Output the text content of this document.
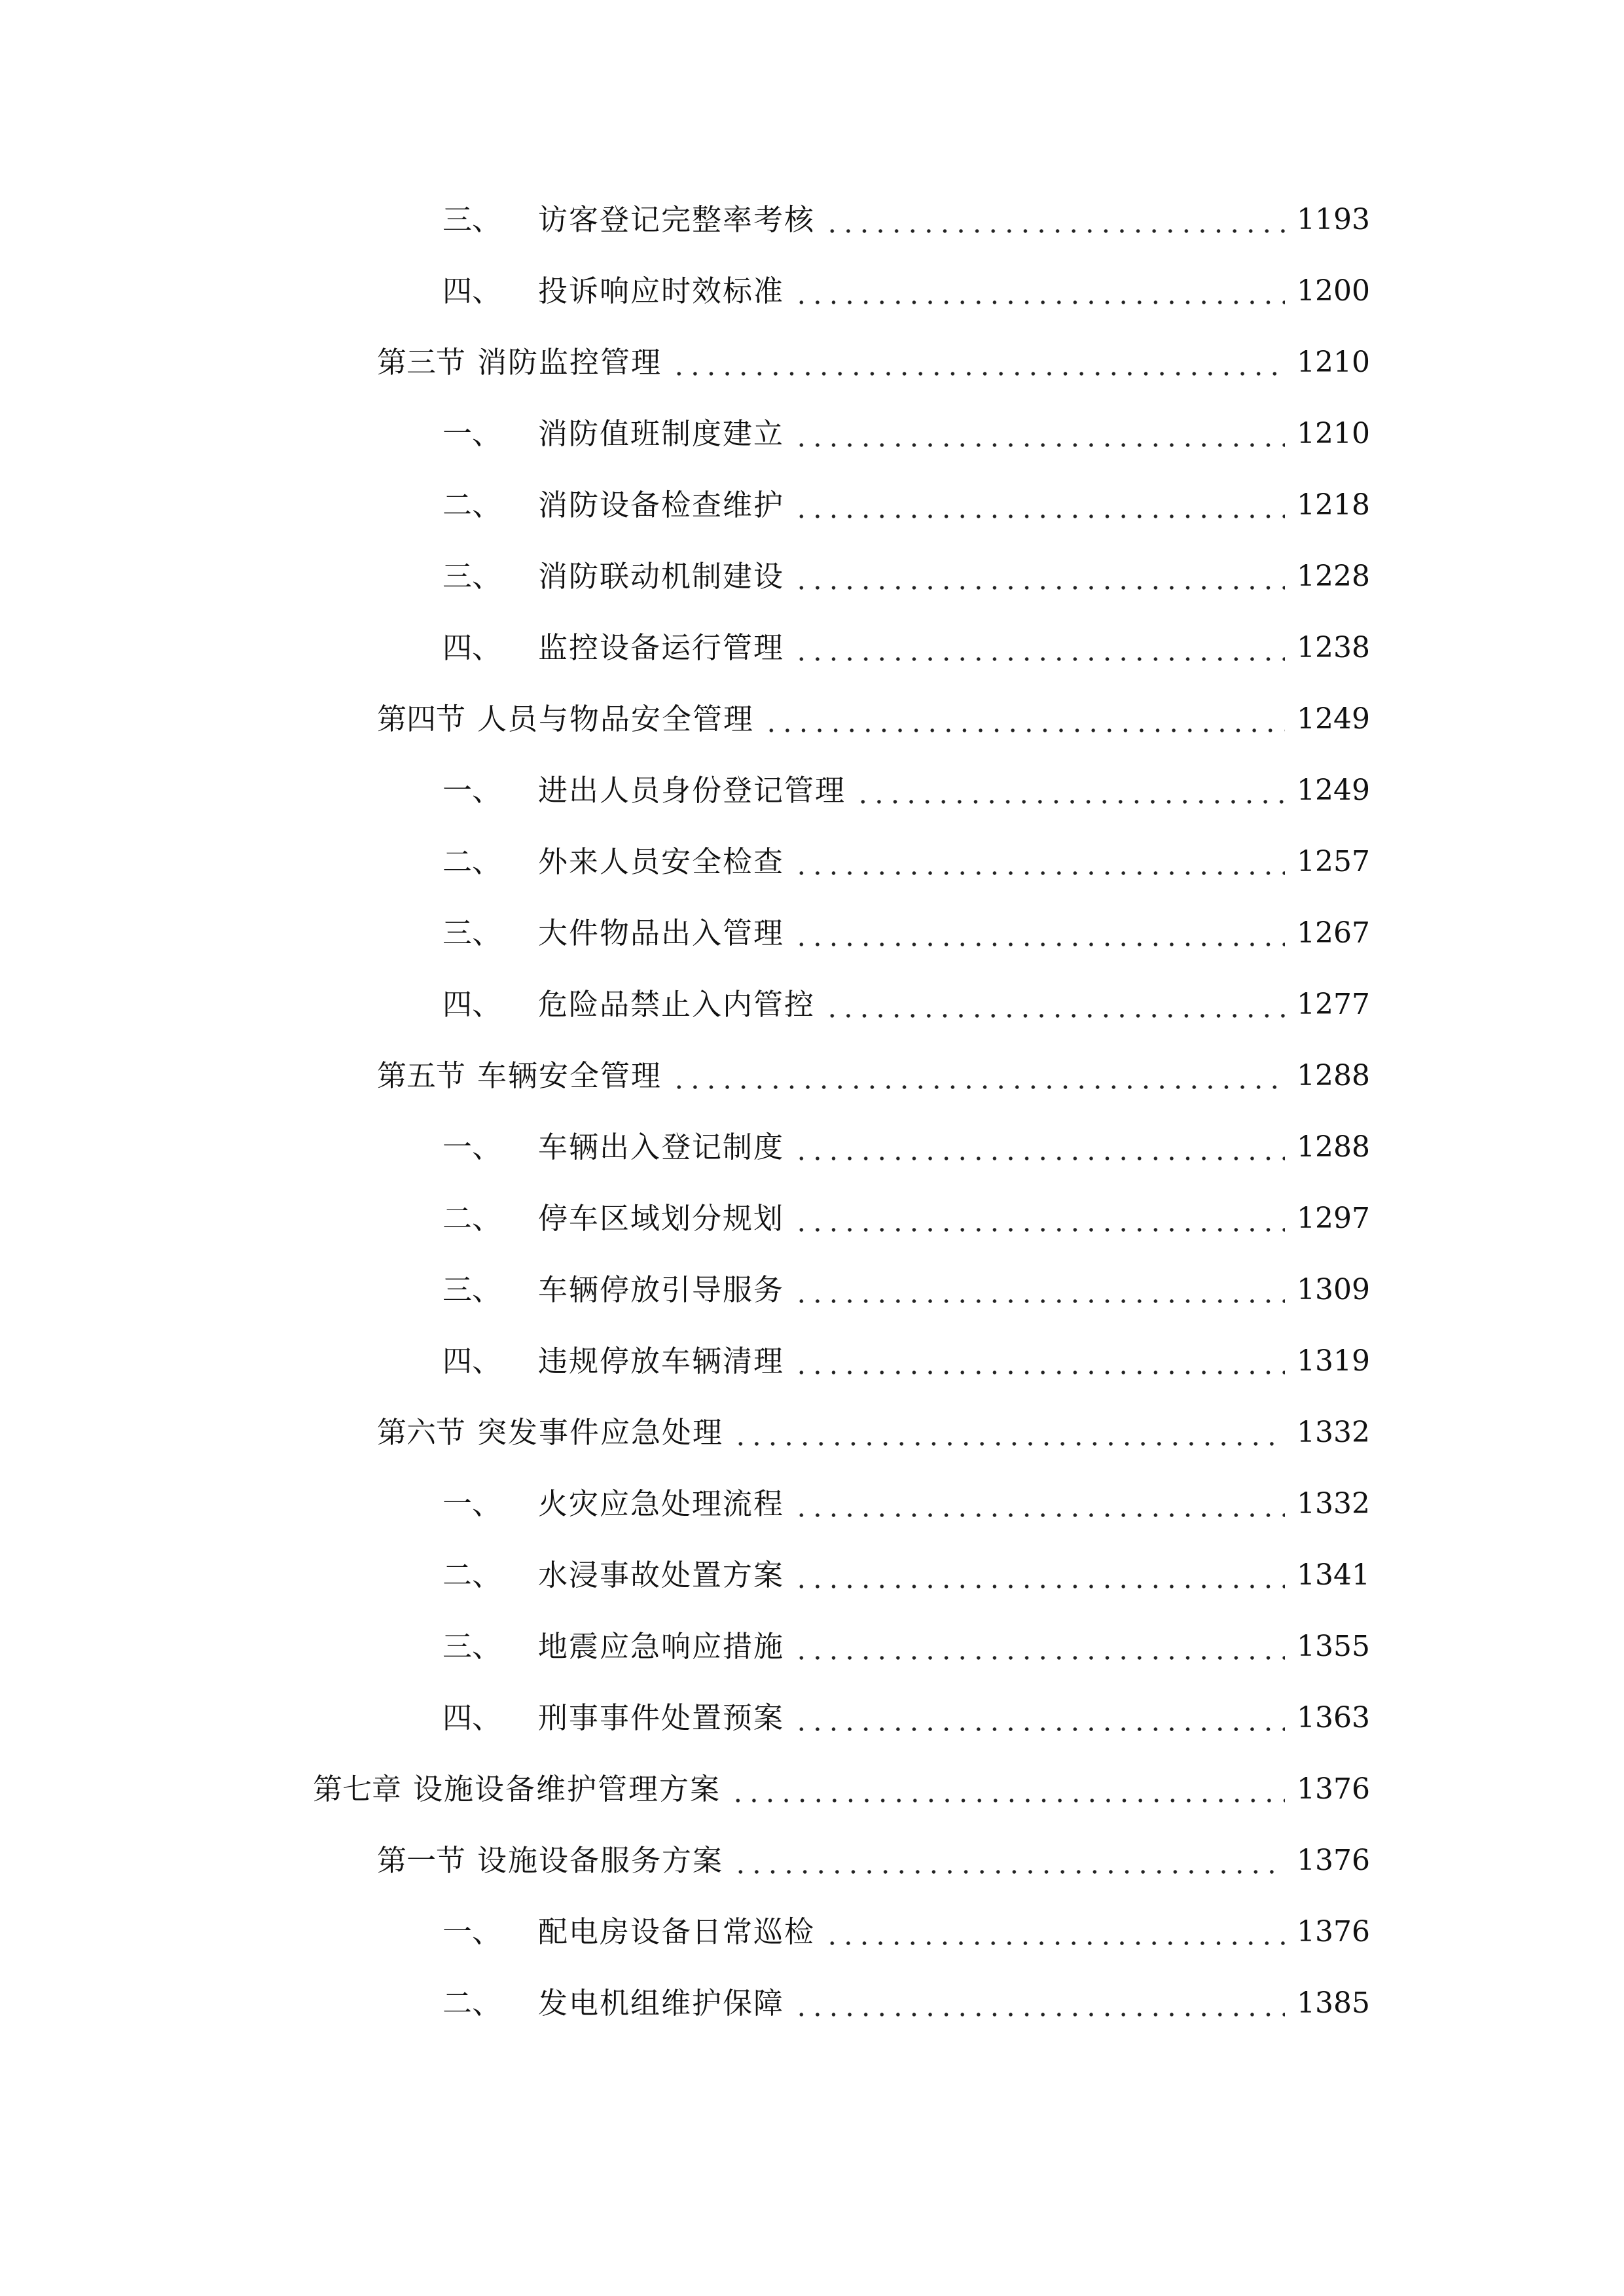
三、	访客登记完整率考核	1193
四、	投诉响应时效标准	1200
第三节 消防监控管理	1210
一、	消防值班制度建立	1210
二、	消防设备检查维护	1218
三、	消防联动机制建设	1228
四、	监控设备运行管理	1238
第四节 人员与物品安全管理	1249
一、	进出人员身份登记管理	1249
二、	外来人员安全检查	1257
三、	大件物品出入管理	1267
四、	危险品禁止入内管控	1277
第五节 车辆安全管理	1288
一、	车辆出入登记制度	1288
二、	停车区域划分规划	1297
三、	车辆停放引导服务	1309
四、	违规停放车辆清理	1319
第六节 突发事件应急处理	1332
一、	火灾应急处理流程	1332
二、	水浸事故处置方案	1341
三、	地震应急响应措施	1355
四、	刑事事件处置预案	1363
第七章 设施设备维护管理方案	1376
第一节 设施设备服务方案	1376
一、	配电房设备日常巡检	1376
二、	发电机组维护保障	1385
